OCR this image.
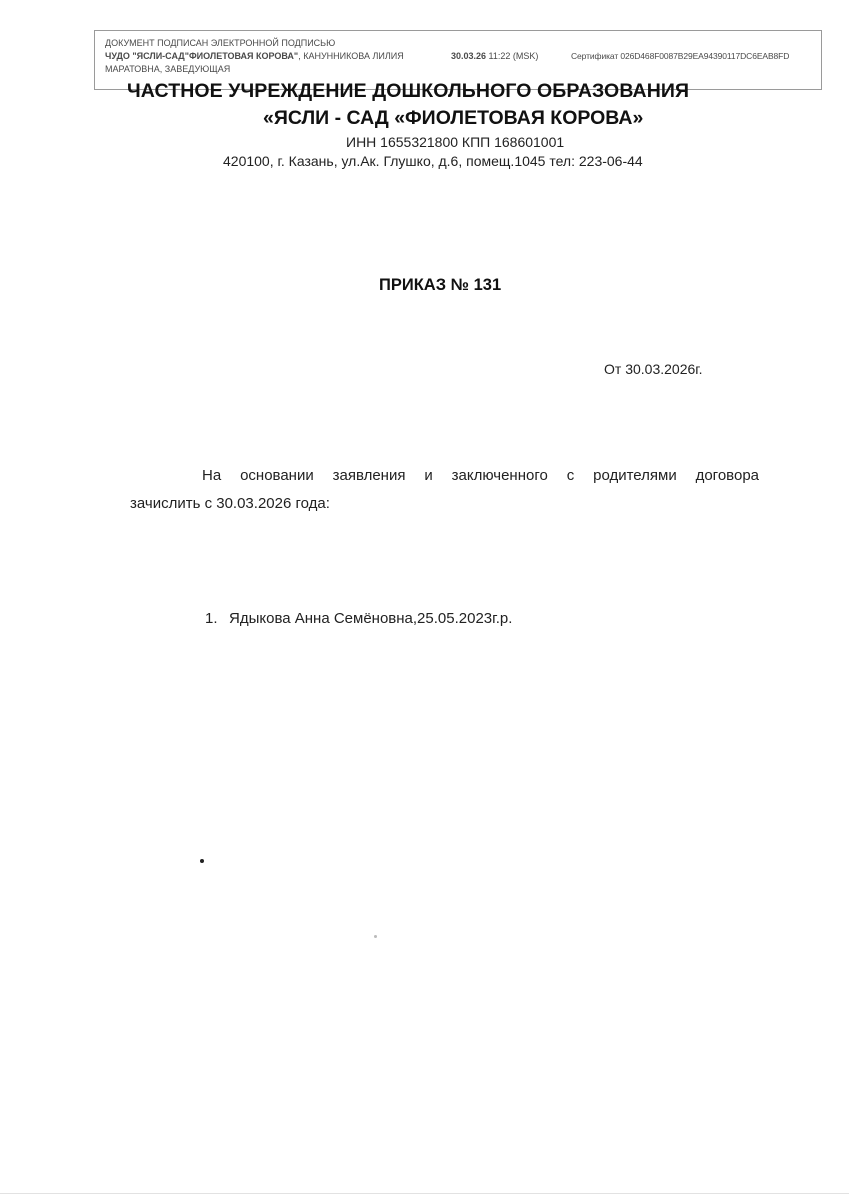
ДОКУМЕНТ ПОДПИСАН ЭЛЕКТРОННОЙ ПОДПИСЬЮ
ЧУДО "ЯСЛИ-САД"ФИОЛЕТОВАЯ КОРОВА", КАНУННИКОВА ЛИЛИЯ	30.03.26 11:22 (MSK)	Сертификат 026D468F0087B29EA94390117DC6EAB8FD
МАРАТОВНА, ЗАВЕДУЮЩАЯ
ЧАСТНОЕ УЧРЕЖДЕНИЕ ДОШКОЛЬНОГО ОБРАЗОВАНИЯ
«ЯСЛИ - САД «ФИОЛЕТОВАЯ КОРОВА»
ИНН 1655321800 КПП 168601001
420100, г. Казань, ул.Ак. Глушко, д.6, помещ.1045 тел: 223-06-44
ПРИКАЗ № 131
От 30.03.2026г.
На основании заявления и заключенного с родителями договора
зачислить с 30.03.2026 года:
1. Ядыкова Анна Семёновна,25.05.2023г.р.
